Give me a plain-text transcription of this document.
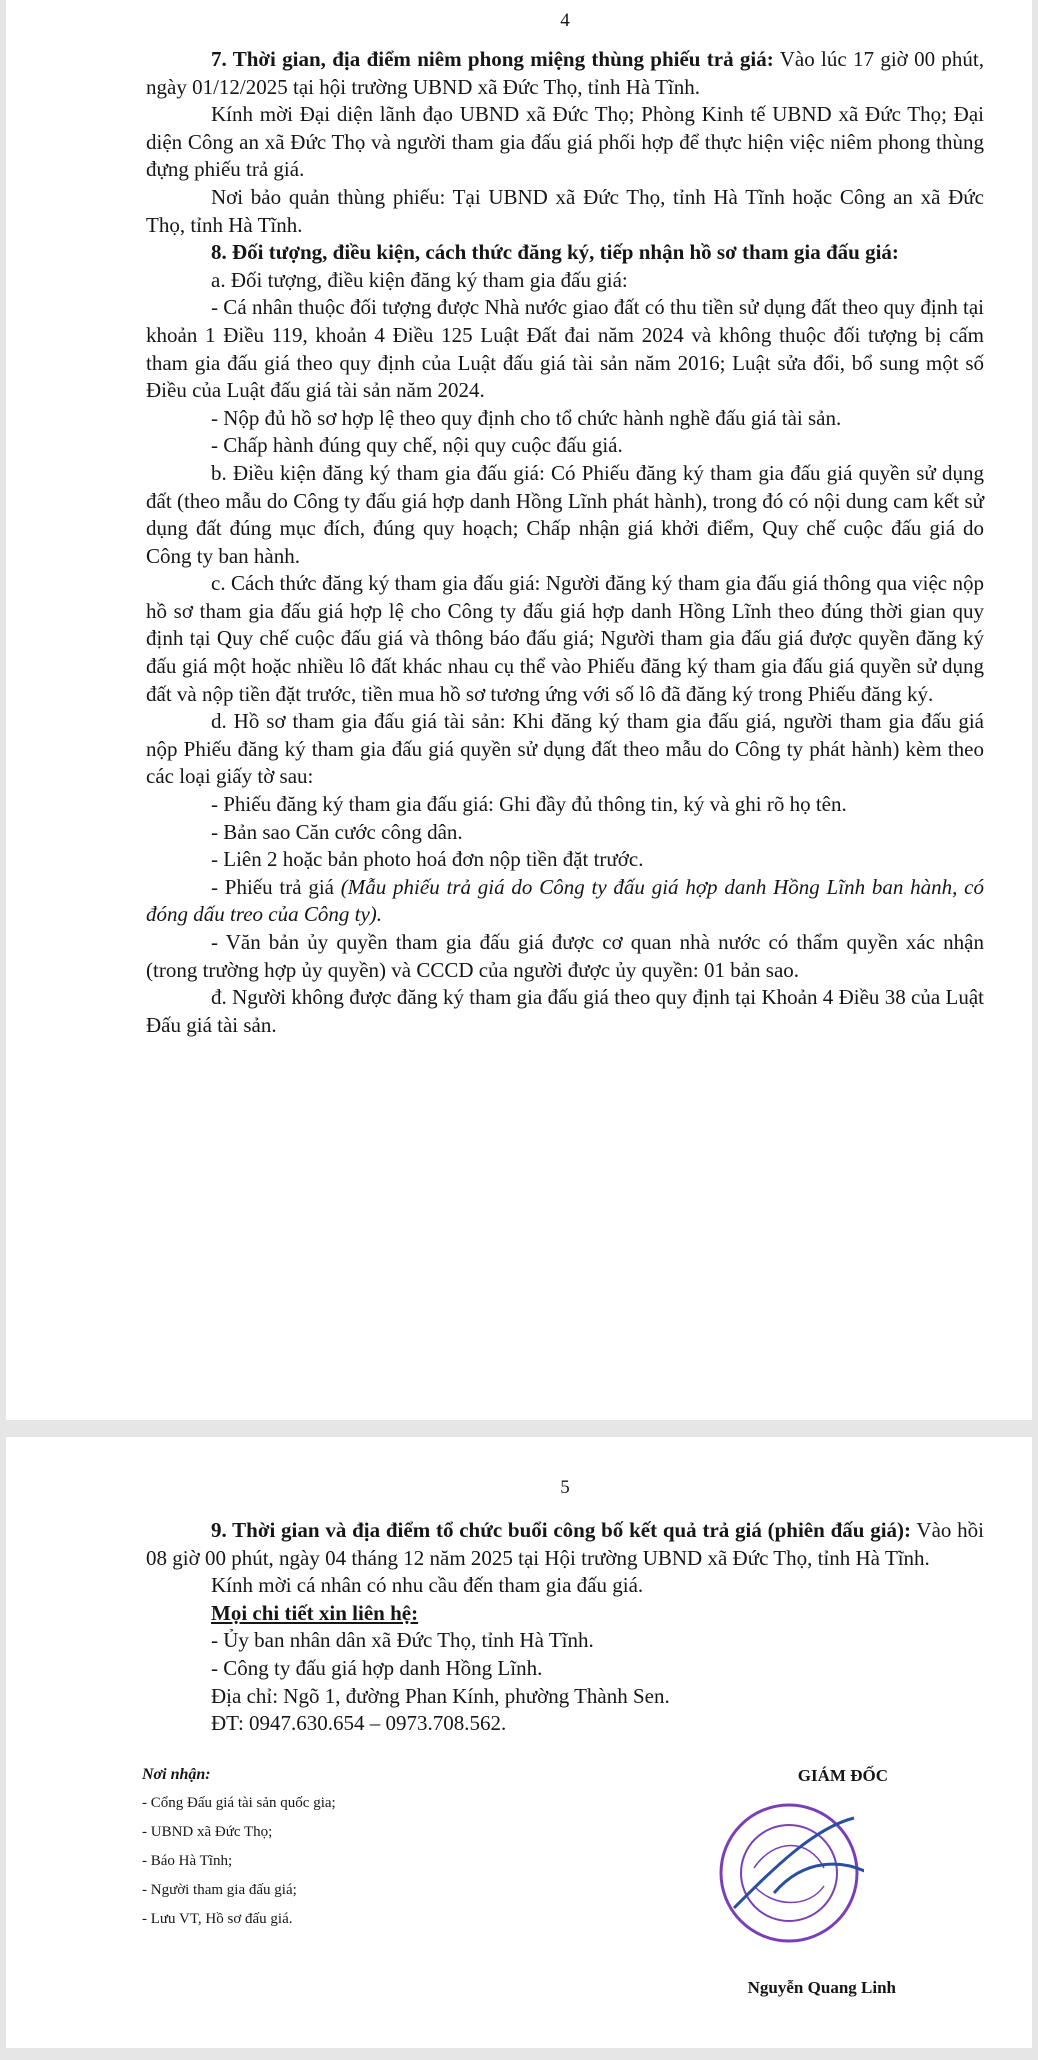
4

7. Thời gian, địa điểm niêm phong miệng thùng phiếu trả giá: Vào lúc 17 giờ 00 phút, ngày 01/12/2025 tại hội trường UBND xã Đức Thọ, tỉnh Hà Tĩnh.

Kính mời Đại diện lãnh đạo UBND xã Đức Thọ; Phòng Kinh tế UBND xã Đức Thọ; Đại diện Công an xã Đức Thọ và người tham gia đấu giá phối hợp để thực hiện việc niêm phong thùng đựng phiếu trả giá.

Nơi bảo quản thùng phiếu: Tại UBND xã Đức Thọ, tỉnh Hà Tĩnh hoặc Công an xã Đức Thọ, tỉnh Hà Tĩnh.

8. Đối tượng, điều kiện, cách thức đăng ký, tiếp nhận hồ sơ tham gia đấu giá:

a. Đối tượng, điều kiện đăng ký tham gia đấu giá:

- Cá nhân thuộc đối tượng được Nhà nước giao đất có thu tiền sử dụng đất theo quy định tại khoản 1 Điều 119, khoản 4 Điều 125 Luật Đất đai năm 2024 và không thuộc đối tượng bị cấm tham gia đấu giá theo quy định của Luật đấu giá tài sản năm 2016; Luật sửa đổi, bổ sung một số Điều của Luật đấu giá tài sản năm 2024.

- Nộp đủ hồ sơ hợp lệ theo quy định cho tổ chức hành nghề đấu giá tài sản.

- Chấp hành đúng quy chế, nội quy cuộc đấu giá.

b. Điều kiện đăng ký tham gia đấu giá: Có Phiếu đăng ký tham gia đấu giá quyền sử dụng đất (theo mẫu do Công ty đấu giá hợp danh Hồng Lĩnh phát hành), trong đó có nội dung cam kết sử dụng đất đúng mục đích, đúng quy hoạch; Chấp nhận giá khởi điểm, Quy chế cuộc đấu giá do Công ty ban hành.

c. Cách thức đăng ký tham gia đấu giá: Người đăng ký tham gia đấu giá thông qua việc nộp hồ sơ tham gia đấu giá hợp lệ cho Công ty đấu giá hợp danh Hồng Lĩnh theo đúng thời gian quy định tại Quy chế cuộc đấu giá và thông báo đấu giá; Người tham gia đấu giá được quyền đăng ký đấu giá một hoặc nhiều lô đất khác nhau cụ thể vào Phiếu đăng ký tham gia đấu giá quyền sử dụng đất và nộp tiền đặt trước, tiền mua hồ sơ tương ứng với số lô đã đăng ký trong Phiếu đăng ký.

d. Hồ sơ tham gia đấu giá tài sản: Khi đăng ký tham gia đấu giá, người tham gia đấu giá nộp Phiếu đăng ký tham gia đấu giá quyền sử dụng đất theo mẫu do Công ty phát hành) kèm theo các loại giấy tờ sau:

- Phiếu đăng ký tham gia đấu giá: Ghi đầy đủ thông tin, ký và ghi rõ họ tên.

- Bản sao Căn cước công dân.

- Liên 2 hoặc bản photo hoá đơn nộp tiền đặt trước.

- Phiếu trả giá (Mẫu phiếu trả giá do Công ty đấu giá hợp danh Hồng Lĩnh ban hành, có đóng dấu treo của Công ty).

- Văn bản ủy quyền tham gia đấu giá được cơ quan nhà nước có thẩm quyền xác nhận (trong trường hợp ủy quyền) và CCCD của người được ủy quyền: 01 bản sao.

đ. Người không được đăng ký tham gia đấu giá theo quy định tại Khoản 4 Điều 38 của Luật Đấu giá tài sản.

5

9. Thời gian và địa điểm tổ chức buổi công bố kết quả trả giá (phiên đấu giá): Vào hồi 08 giờ 00 phút, ngày 04 tháng 12 năm 2025 tại Hội trường UBND xã Đức Thọ, tỉnh Hà Tĩnh.

Kính mời cá nhân có nhu cầu đến tham gia đấu giá.

Mọi chi tiết xin liên hệ:

- Ủy ban nhân dân xã Đức Thọ, tỉnh Hà Tĩnh.

- Công ty đấu giá hợp danh Hồng Lĩnh.

Địa chỉ: Ngõ 1, đường Phan Kính, phường Thành Sen.

ĐT: 0947.630.654 – 0973.708.562.

Nơi nhận:
- Cổng Đấu giá tài sản quốc gia;
- UBND xã Đức Thọ;
- Báo Hà Tĩnh;
- Người tham gia đấu giá;
- Lưu VT, Hồ sơ đấu giá.
GIÁM ĐỐC
Nguyễn Quang Linh
